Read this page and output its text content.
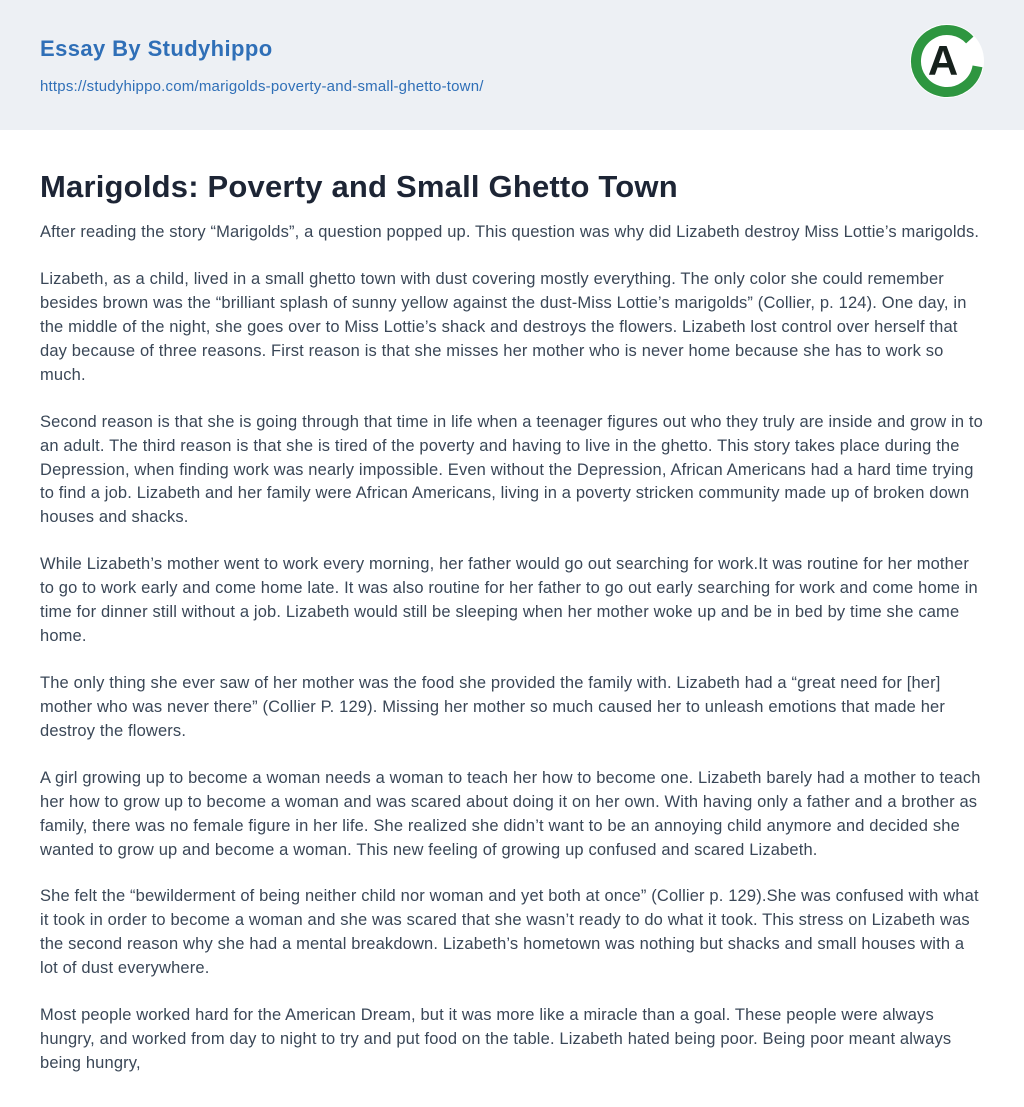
Essay By Studyhippo
https://studyhippo.com/marigolds-poverty-and-small-ghetto-town/
A
Marigolds: Poverty and Small Ghetto Town

After reading the story “Marigolds”, a question popped up. This question was why did Lizabeth destroy Miss Lottie’s marigolds.

Lizabeth, as a child, lived in a small ghetto town with dust covering mostly everything. The only color she could remember besides brown was the “brilliant splash of sunny yellow against the dust-Miss Lottie’s marigolds” (Collier, p. 124). One day, in the middle of the night, she goes over to Miss Lottie’s shack and destroys the flowers. Lizabeth lost control over herself that day because of three reasons. First reason is that she misses her mother who is never home because she has to work so much.

Second reason is that she is going through that time in life when a teenager figures out who they truly are inside and grow in to an adult. The third reason is that she is tired of the poverty and having to live in the ghetto. This story takes place during the Depression, when finding work was nearly impossible. Even without the Depression, African Americans had a hard time trying to find a job. Lizabeth and her family were African Americans, living in a poverty stricken community made up of broken down houses and shacks.

While Lizabeth’s mother went to work every morning, her father would go out searching for work.It was routine for her mother to go to work early and come home late. It was also routine for her father to go out early searching for work and come home in time for dinner still without a job. Lizabeth would still be sleeping when her mother woke up and be in bed by time she came home.

The only thing she ever saw of her mother was the food she provided the family with. Lizabeth had a “great need for [her] mother who was never there” (Collier P. 129). Missing her mother so much caused her to unleash emotions that made her destroy the flowers.

A girl growing up to become a woman needs a woman to teach her how to become one. Lizabeth barely had a mother to teach her how to grow up to become a woman and was scared about doing it on her own. With having only a father and a brother as family, there was no female figure in her life. She realized she didn’t want to be an annoying child anymore and decided she wanted to grow up and become a woman. This new feeling of growing up confused and scared Lizabeth.

She felt the “bewilderment of being neither child nor woman and yet both at once” (Collier p. 129).She was confused with what it took in order to become a woman and she was scared that she wasn’t ready to do what it took. This stress on Lizabeth was the second reason why she had a mental breakdown. Lizabeth’s hometown was nothing but shacks and small houses with a lot of dust everywhere.

Most people worked hard for the American Dream, but it was more like a miracle than a goal. These people were always hungry, and worked from day to night to try and put food on the table. Lizabeth hated being poor. Being poor meant always being hungry,
